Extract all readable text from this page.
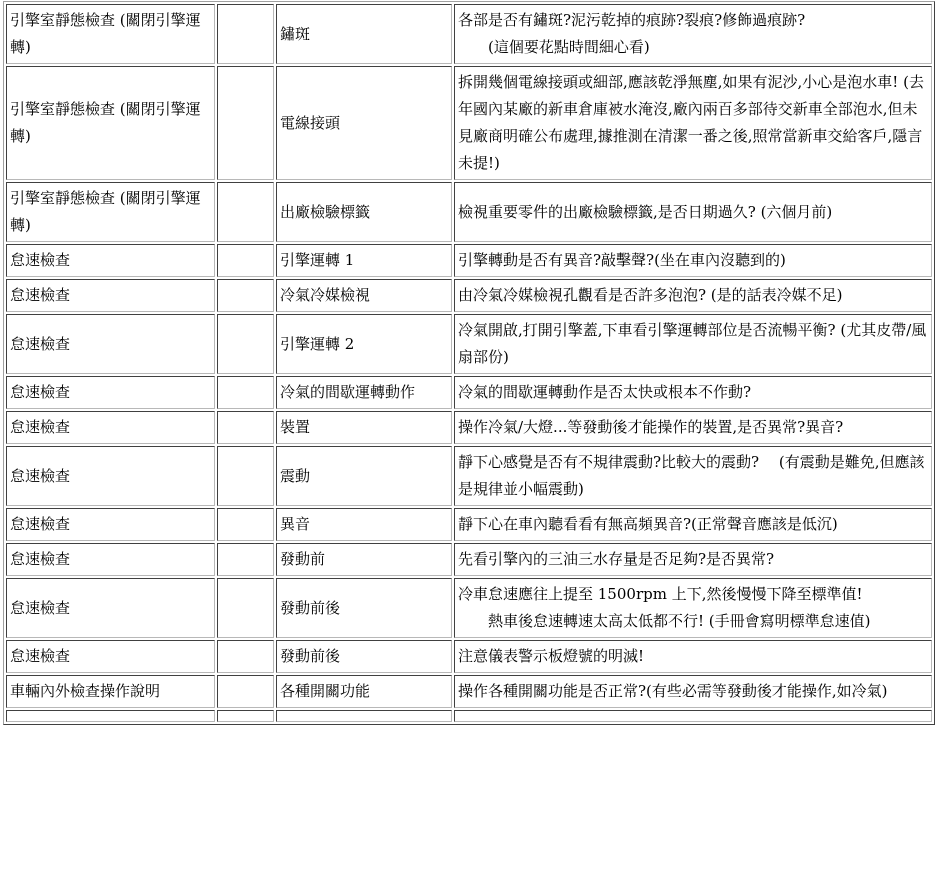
引擎室靜態檢查 (關閉引擎運轉)		鏽斑	各部是否有鏽斑?泥污乾掉的痕跡?裂痕?修飾過痕跡?
(這個要花點時間細心看)
引擎室靜態檢查 (關閉引擎運轉)		電線接頭	拆開幾個電線接頭或細部,應該乾淨無塵,如果有泥沙,小心是泡水車! (去年國內某廠的新車倉庫被水淹沒,廠內兩百多部待交新車全部泡水,但未見廠商明確公布處理,據推測在清潔一番之後,照常當新車交給客戶,隱言未提!)
引擎室靜態檢查 (關閉引擎運轉)		出廠檢驗標籤	檢視重要零件的出廠檢驗標籤,是否日期過久? (六個月前)
怠速檢查		引擎運轉 1	引擎轉動是否有異音?敲擊聲?(坐在車內沒聽到的)
怠速檢查		冷氣冷媒檢視	由冷氣冷媒檢視孔觀看是否許多泡泡? (是的話表冷媒不足)
怠速檢查		引擎運轉 2	冷氣開啟,打開引擎蓋,下車看引擎運轉部位是否流暢平衡? (尤其皮帶/風扇部份)
怠速檢查		冷氣的間歇運轉動作	冷氣的間歇運轉動作是否太快或根本不作動?
怠速檢查		裝置	操作冷氣/大燈...等發動後才能操作的裝置,是否異常?異音?
怠速檢查		震動	靜下心感覺是否有不規律震動?比較大的震動?　 (有震動是難免,但應該是規律並小幅震動)
怠速檢查		異音	靜下心在車內聽看看有無高頻異音?(正常聲音應該是低沉)
怠速檢查		發動前	先看引擎內的三油三水存量是否足夠?是否異常?
怠速檢查		發動前後	冷車怠速應往上提至 1500rpm 上下,然後慢慢下降至標準值!
熱車後怠速轉速太高太低都不行! (手冊會寫明標準怠速值)
怠速檢查		發動前後	注意儀表警示板燈號的明滅!
車輛內外檢查操作說明		各種開關功能	操作各種開關功能是否正常?(有些必需等發動後才能操作,如冷氣)
